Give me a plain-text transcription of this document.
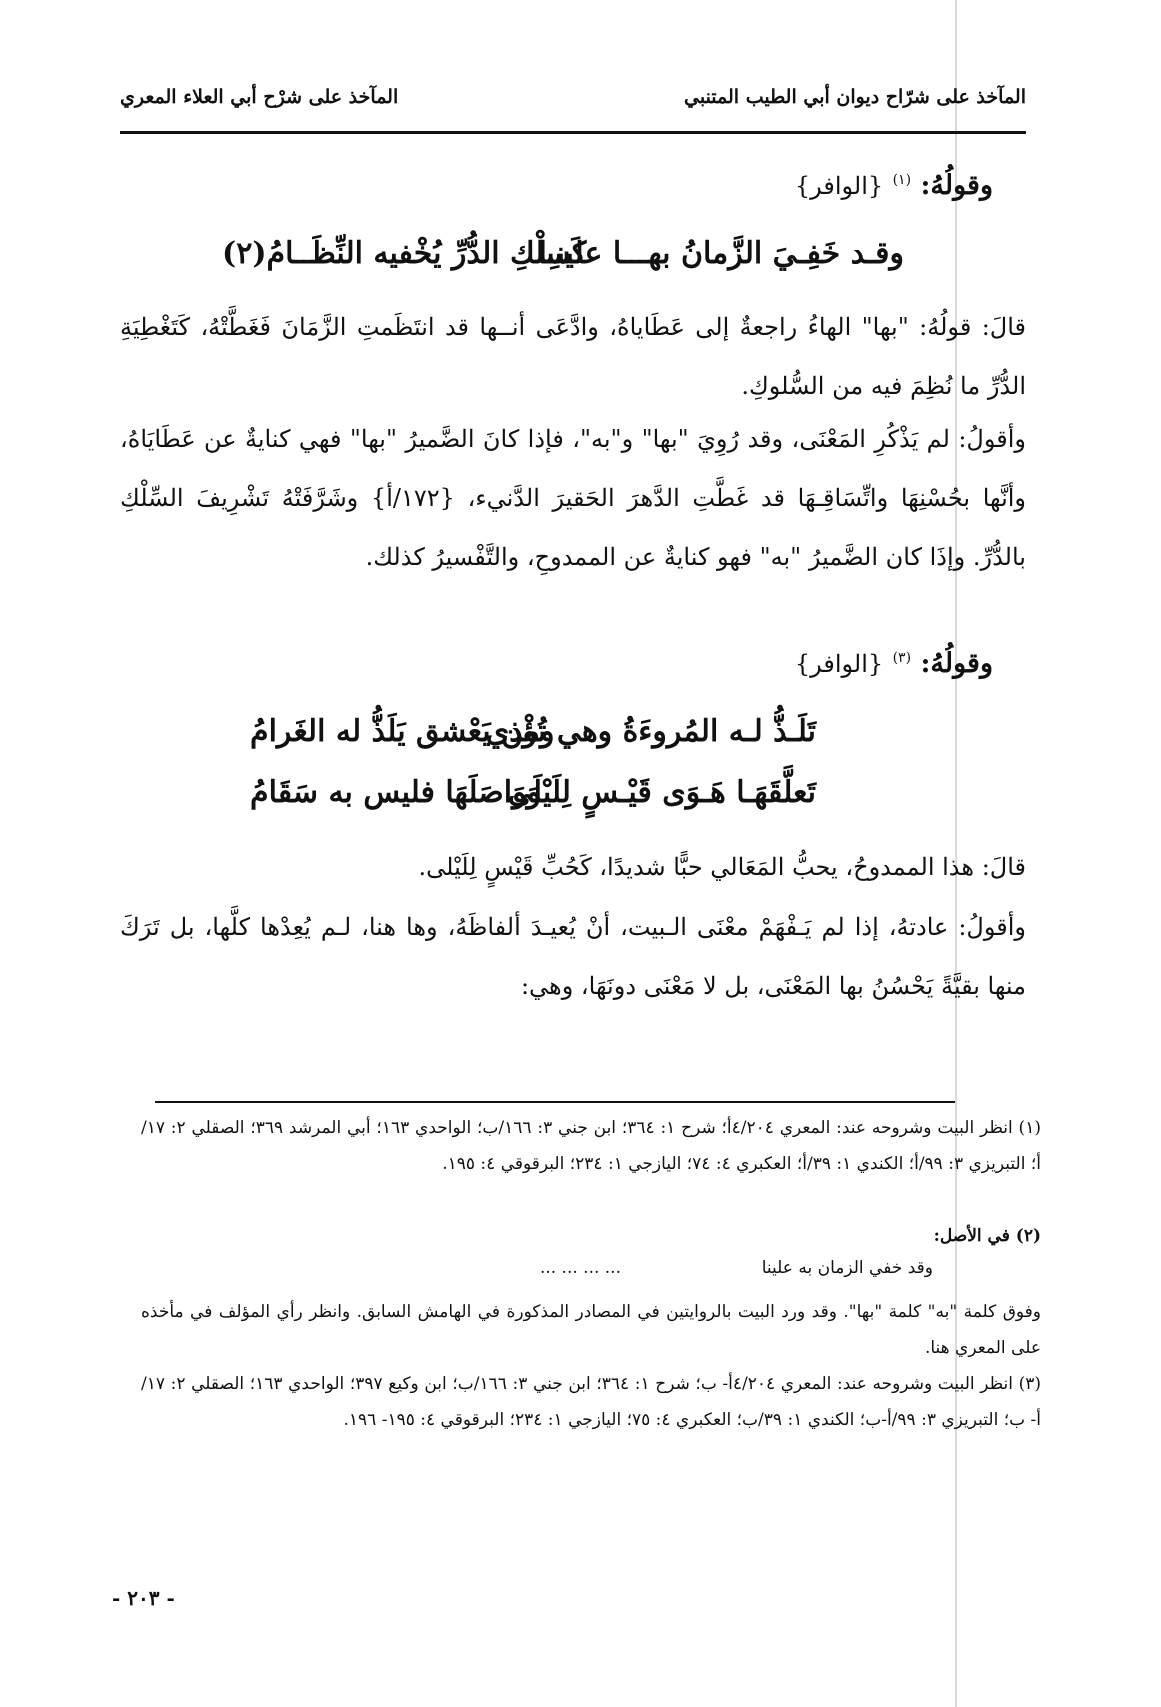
المآخذ على شرّاح ديوان أبي الطيب المتنبي
المآخذ على شرْح أبي العلاء المعري
وقولُهُ: $^{(١)}$ {الوافر}
وقـد خَفِـيَ الزَّمانُ بهـــا علينـا
كَسِلْكِ الدُّرِّ يُخْفيه النِّظَــامُ(٢)
قالَ: قولُهُ: "بها" الهاءُ راجعةٌ إلى عَطَاياهُ، وادَّعَى أنــها قد انتَظَمتِ الزَّمَانَ فَغَطَّتْهُ، كَتَغْطِيَةِ الدُّرِّ ما نُظِمَ فيه من السُّلوكِ.
وأقولُ: لم يَذْكُرِ المَعْنَى، وقد رُوِيَ "بها" و"به"، فإذا كانَ الضَّميرُ "بها" فهي كنايةٌ عن عَطَايَاهُ، وأنَّها بحُسْنِهَا واتِّسَاقِـهَا قد غَطَّتِ الدَّهرَ الحَقيرَ الدَّنيء، {١٧٢/أ} وشَرَّفَتْهُ تَشْرِيفَ السِّلْكِ بالدُّرِّ. وإذَا كان الضَّميرُ "به" فهو كنايةٌ عن الممدوحِ، والتَّفْسيرُ كذلك.
وقولُهُ: $^{(٣)}$ {الوافر}
تَلَـذُّ لـه المُروءَةُ وهي تُؤْذي
ومن يَعْشق يَلَذُّ له الغَرامُ
تَعلَّقَهَـا هَـوَى قَيْـسٍ لِلَيْلَى
وَوَاصَلَهَا فليس به سَقَامُ
قالَ: هذا الممدوحُ، يحبُّ المَعَالي حبًّا شديدًا، كَحُبِّ قَيْسٍ لِلَيْلى.
وأقولُ: عادتهُ، إذا لم يَـفْهَمْ معْنَى الـبيت، أنْ يُعيـدَ ألفاظَهُ، وها هنا، لـم يُعِدْها كلَّها، بل تَرَكَ منها بقيَّةً يَحْسُنُ بها المَعْنَى، بل لا مَعْنَى دونَهَا، وهي:
(١) انظر البيت وشروحه عند: المعري ٤/٢٠٤أ؛ شرح ١: ٣٦٤؛ ابن جني ٣: ١٦٦/ب؛ الواحدي ١٦٣؛ أبي المرشد ٣٦٩؛ الصقلي ٢: ١٧/أ؛ التبريزي ٣: ٩٩/أ؛ الكندي ١: ٣٩/أ؛ العكبري ٤: ٧٤؛ اليازجي ١: ٢٣٤؛ البرقوقي ٤: ١٩٥.
(٢) في الأصل:
وقد خفي الزمان به علينا
... ... ... ...
وفوق كلمة "به" كلمة "بها". وقد ورد البيت بالروايتين في المصادر المذكورة في الهامش السابق. وانظر رأي المؤلف في مأخذه على المعري هنا.
(٣) انظر البيت وشروحه عند: المعري ٤/٢٠٤أ- ب؛ شرح ١: ٣٦٤؛ ابن جني ٣: ١٦٦/ب؛ ابن وكيع ٣٩٧؛ الواحدي ١٦٣؛ الصقلي ٢: ١٧/أ- ب؛ التبريزي ٣: ٩٩/أ-ب؛ الكندي ١: ٣٩/ب؛ العكبري ٤: ٧٥؛ اليازجي ١: ٢٣٤؛ البرقوقي ٤: ١٩٥- ١٩٦.
- ٢٠٣ -
